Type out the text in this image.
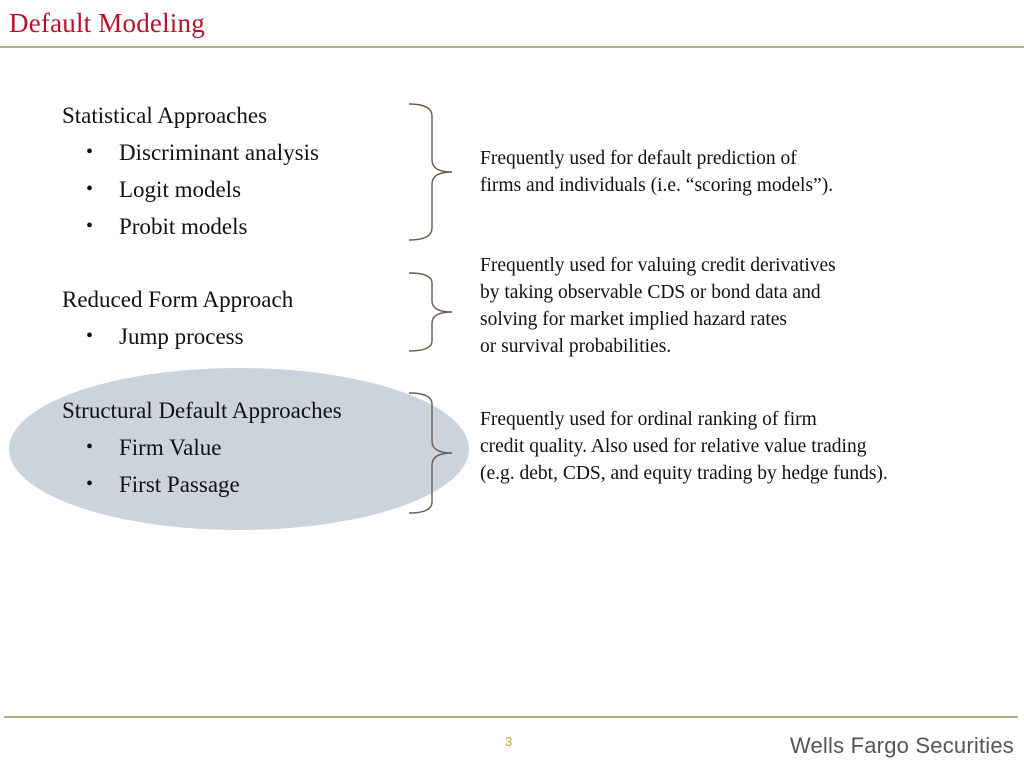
Default Modeling
Statistical Approaches
• Discriminant analysis
• Logit models
• Probit models
Reduced Form Approach
• Jump process
Structural Default Approaches
• Firm Value
• First Passage
Frequently used for default prediction of
firms and individuals (i.e. “scoring models”).
Frequently used for valuing credit derivatives
by taking observable CDS or bond data and
solving for market implied hazard rates
or survival probabilities.
Frequently used for ordinal ranking of firm
credit quality. Also used for relative value trading
(e.g. debt, CDS, and equity trading by hedge funds).
3	Wells Fargo Securities
